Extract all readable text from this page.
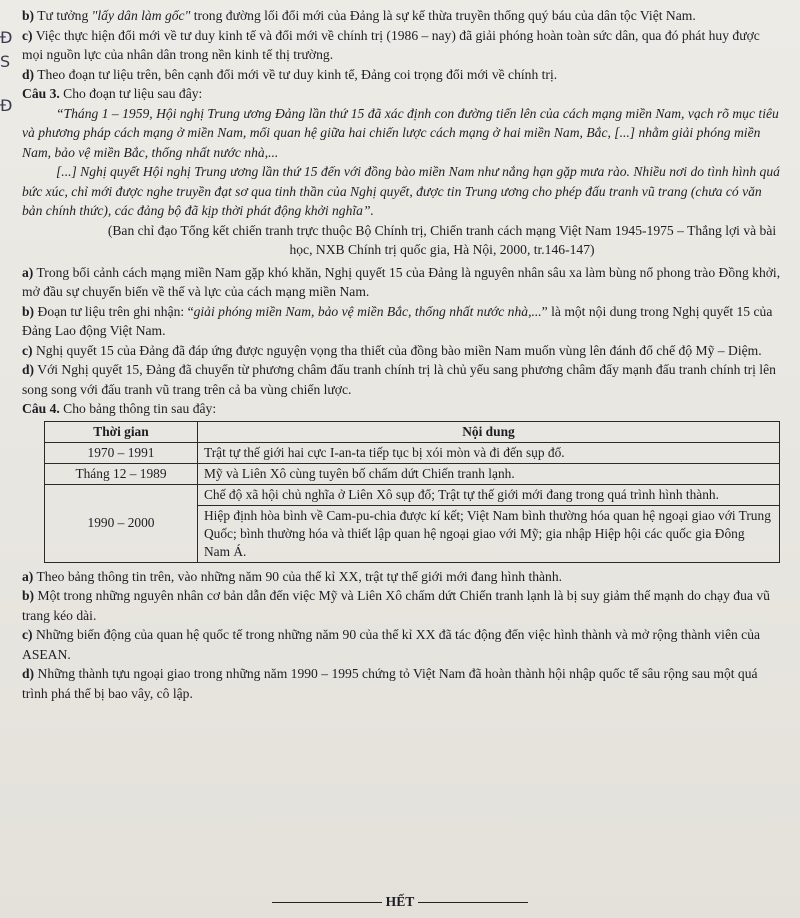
Ɖ
S
Ɖ

b) Tư tưởng "lấy dân làm gốc" trong đường lối đổi mới của Đảng là sự kế thừa truyền thống quý báu của dân tộc Việt Nam.

c) Việc thực hiện đổi mới về tư duy kinh tế và đổi mới về chính trị (1986 – nay) đã giải phóng hoàn toàn sức dân, qua đó phát huy được mọi nguồn lực của nhân dân trong nền kinh tế thị trường.

d) Theo đoạn tư liệu trên, bên cạnh đổi mới về tư duy kinh tế, Đảng coi trọng đổi mới về chính trị.

Câu 3. Cho đoạn tư liệu sau đây:

“Tháng 1 – 1959, Hội nghị Trung ương Đảng lần thứ 15 đã xác định con đường tiến lên của cách mạng miền Nam, vạch rõ mục tiêu và phương pháp cách mạng ở miền Nam, mối quan hệ giữa hai chiến lược cách mạng ở hai miền Nam, Bắc, [...] nhằm giải phóng miền Nam, bảo vệ miền Bắc, thống nhất nước nhà,...

[...] Nghị quyết Hội nghị Trung ương lần thứ 15 đến với đồng bào miền Nam như nắng hạn gặp mưa rào. Nhiều nơi do tình hình quá bức xúc, chỉ mới được nghe truyền đạt sơ qua tinh thần của Nghị quyết, được tin Trung ương cho phép đấu tranh vũ trang (chưa có văn bản chính thức), các đảng bộ đã kịp thời phát động khởi nghĩa”.

(Ban chỉ đạo Tổng kết chiến tranh trực thuộc Bộ Chính trị, Chiến tranh cách mạng Việt Nam 1945-1975 – Thắng lợi và bài học, NXB Chính trị quốc gia, Hà Nội, 2000, tr.146-147)

a) Trong bối cảnh cách mạng miền Nam gặp khó khăn, Nghị quyết 15 của Đảng là nguyên nhân sâu xa làm bùng nổ phong trào Đồng khởi, mở đầu sự chuyển biến về thế và lực của cách mạng miền Nam.

b) Đoạn tư liệu trên ghi nhận: “giải phóng miền Nam, bảo vệ miền Bắc, thống nhất nước nhà,...” là một nội dung trong Nghị quyết 15 của Đảng Lao động Việt Nam.

c) Nghị quyết 15 của Đảng đã đáp ứng được nguyện vọng tha thiết của đồng bào miền Nam muốn vùng lên đánh đổ chế độ Mỹ – Diệm.

d) Với Nghị quyết 15, Đảng đã chuyển từ phương châm đấu tranh chính trị là chủ yếu sang phương châm đẩy mạnh đấu tranh chính trị lên song song với đấu tranh vũ trang trên cả ba vùng chiến lược.

Câu 4. Cho bảng thông tin sau đây:

Thời gian	Nội dung
1970 – 1991	Trật tự thế giới hai cực I-an-ta tiếp tục bị xói mòn và đi đến sụp đổ.
Tháng 12 – 1989	Mỹ và Liên Xô cùng tuyên bố chấm dứt Chiến tranh lạnh.
1990 – 2000	Chế độ xã hội chủ nghĩa ở Liên Xô sụp đổ; Trật tự thế giới mới đang trong quá trình hình thành.
	Hiệp định hòa bình về Cam-pu-chia được kí kết; Việt Nam bình thường hóa quan hệ ngoại giao với Trung Quốc; bình thường hóa và thiết lập quan hệ ngoại giao với Mỹ; gia nhập Hiệp hội các quốc gia Đông Nam Á.

a) Theo bảng thông tin trên, vào những năm 90 của thế kỉ XX, trật tự thế giới mới đang hình thành.

b) Một trong những nguyên nhân cơ bản dẫn đến việc Mỹ và Liên Xô chấm dứt Chiến tranh lạnh là bị suy giảm thế mạnh do chạy đua vũ trang kéo dài.

c) Những biến động của quan hệ quốc tế trong những năm 90 của thế kỉ XX đã tác động đến việc hình thành và mở rộng thành viên của ASEAN.

d) Những thành tựu ngoại giao trong những năm 1990 – 1995 chứng tỏ Việt Nam đã hoàn thành hội nhập quốc tế sâu rộng sau một quá trình phá thế bị bao vây, cô lập.

HẾT
